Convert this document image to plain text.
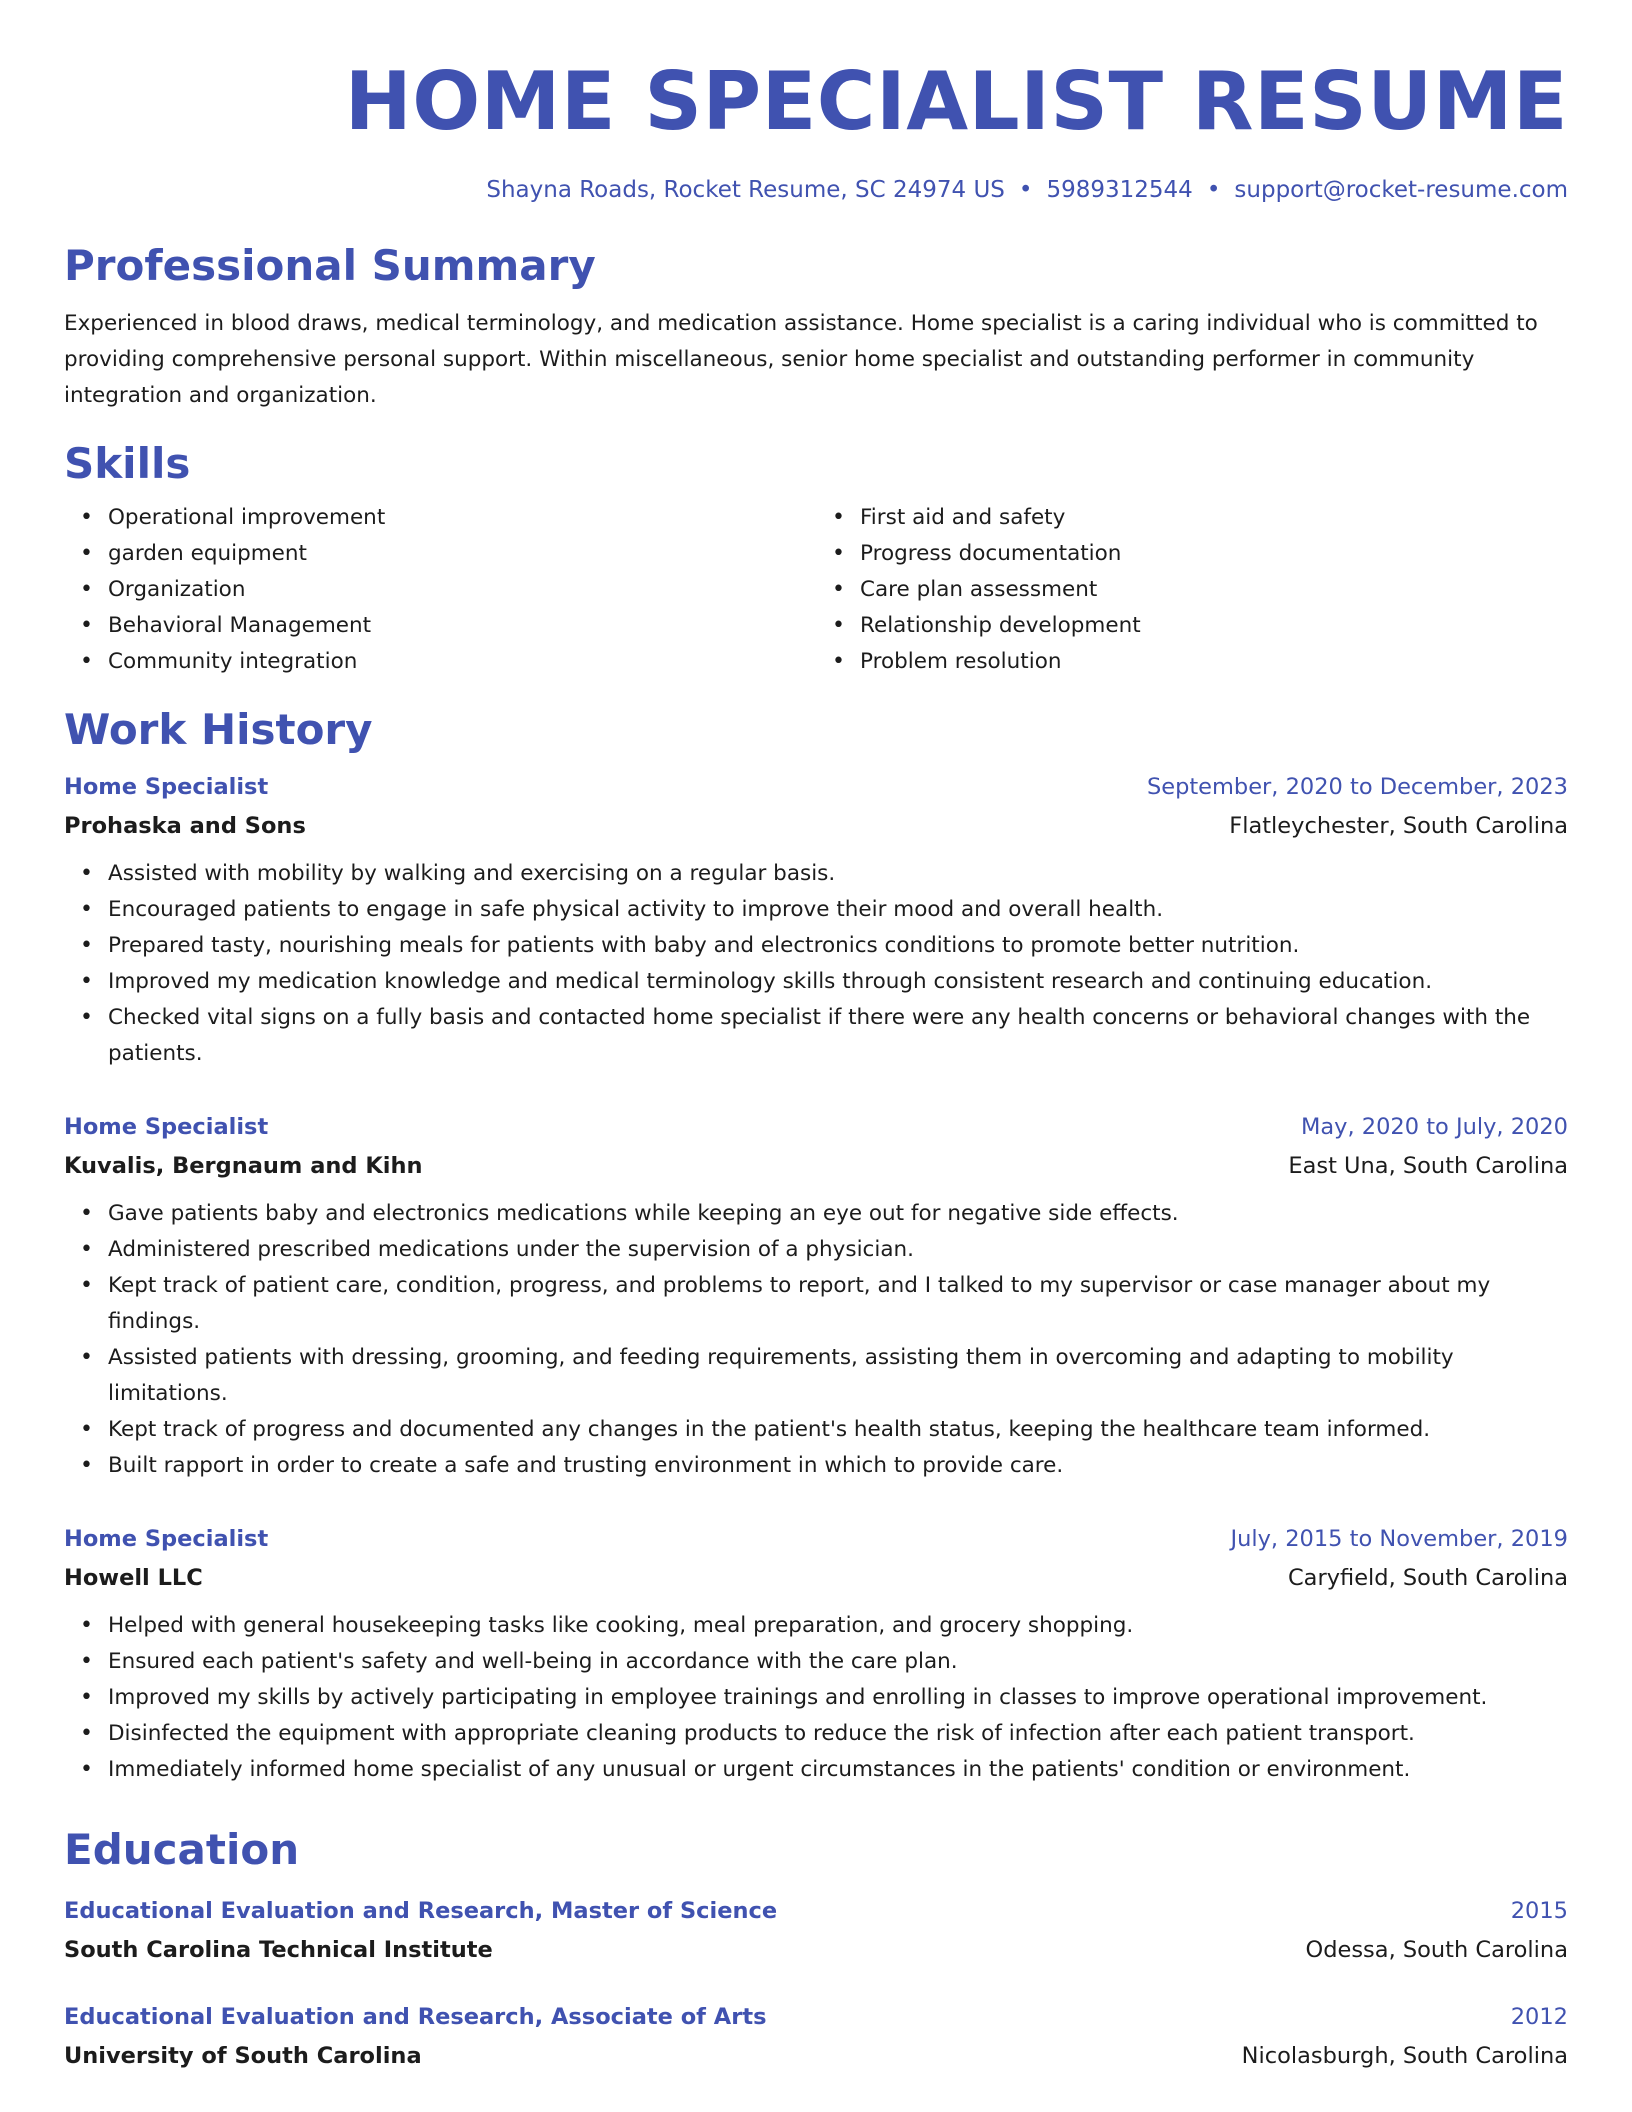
HOME SPECIALIST RESUME
Shayna Roads, Rocket Resume, SC 24974 US • 5989312544 • support@rocket-resume.com
Professional Summary

Experienced in blood draws, medical terminology, and medication assistance. Home specialist is a caring individual who is committed to providing comprehensive personal support. Within miscellaneous, senior home specialist and outstanding performer in community integration and organization.

Skills
• Operational improvement
• garden equipment
• Organization
• Behavioral Management
• Community integration
• First aid and safety
• Progress documentation
• Care plan assessment
• Relationship development
• Problem resolution
Work History
Home Specialist	September, 2020 to December, 2023
Prohaska and Sons	Flatleychester, South Carolina
• Assisted with mobility by walking and exercising on a regular basis.
• Encouraged patients to engage in safe physical activity to improve their mood and overall health.
• Prepared tasty, nourishing meals for patients with baby and electronics conditions to promote better nutrition.
• Improved my medication knowledge and medical terminology skills through consistent research and continuing education.
• Checked vital signs on a fully basis and contacted home specialist if there were any health concerns or behavioral changes with the patients.
Home Specialist	May, 2020 to July, 2020
Kuvalis, Bergnaum and Kihn	East Una, South Carolina
• Gave patients baby and electronics medications while keeping an eye out for negative side effects.
• Administered prescribed medications under the supervision of a physician.
• Kept track of patient care, condition, progress, and problems to report, and I talked to my supervisor or case manager about my findings.
• Assisted patients with dressing, grooming, and feeding requirements, assisting them in overcoming and adapting to mobility limitations.
• Kept track of progress and documented any changes in the patient's health status, keeping the healthcare team informed.
• Built rapport in order to create a safe and trusting environment in which to provide care.
Home Specialist	July, 2015 to November, 2019
Howell LLC	Caryfield, South Carolina
• Helped with general housekeeping tasks like cooking, meal preparation, and grocery shopping.
• Ensured each patient's safety and well-being in accordance with the care plan.
• Improved my skills by actively participating in employee trainings and enrolling in classes to improve operational improvement.
• Disinfected the equipment with appropriate cleaning products to reduce the risk of infection after each patient transport.
• Immediately informed home specialist of any unusual or urgent circumstances in the patients' condition or environment.
Education
Educational Evaluation and Research, Master of Science	2015
South Carolina Technical Institute	Odessa, South Carolina
Educational Evaluation and Research, Associate of Arts	2012
University of South Carolina	Nicolasburgh, South Carolina
